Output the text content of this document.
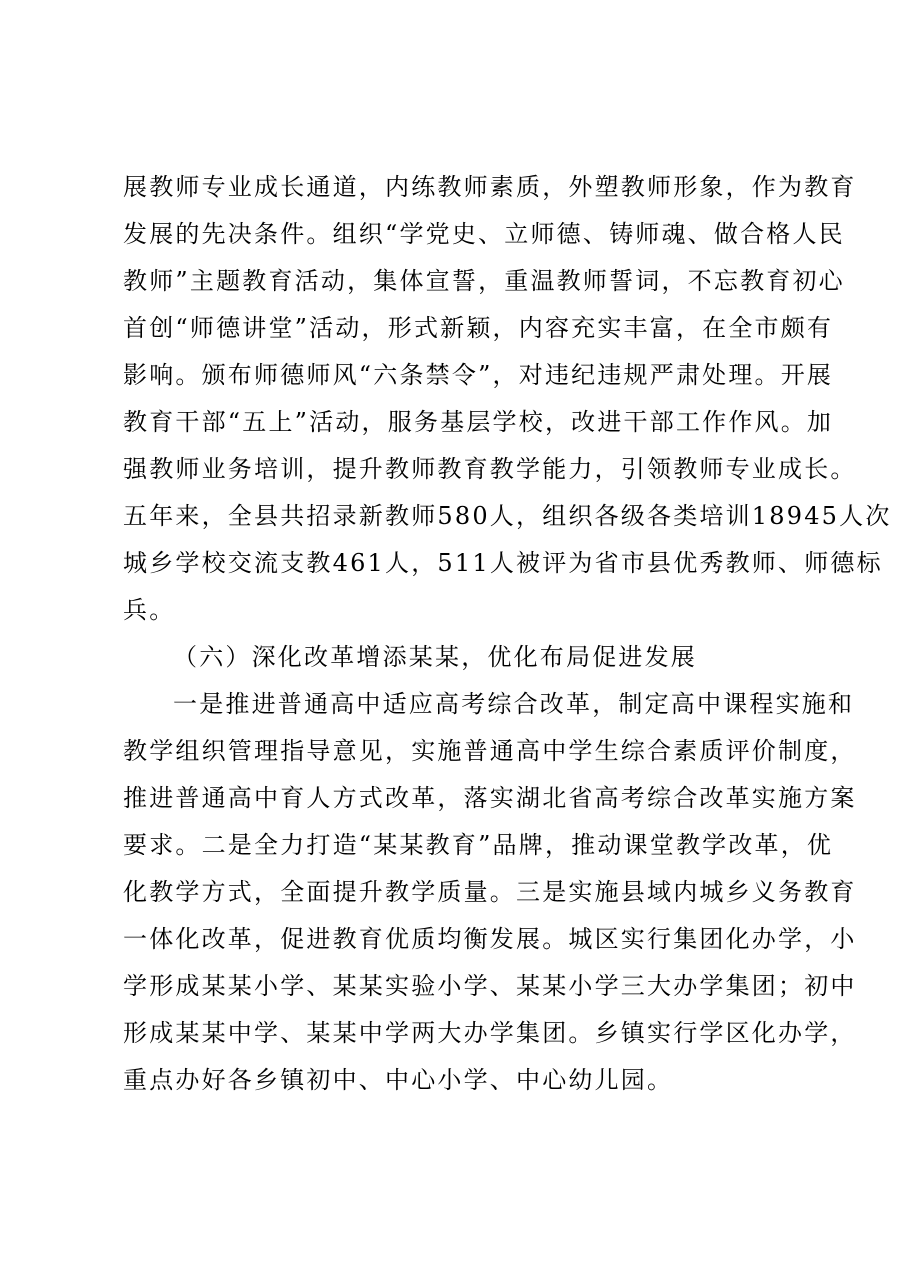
展教师专业成长通道，内练教师素质，外塑教师形象，作为教育
发展的先决条件。组织“学党史、立师德、铸师魂、做合格人民
教师”主题教育活动，集体宣誓，重温教师誓词，不忘教育初心
首创“师德讲堂”活动，形式新颖，内容充实丰富，在全市颇有
影响。颁布师德师风“六条禁令”，对违纪违规严肃处理。开展
教育干部“五上”活动，服务基层学校，改进干部工作作风。加
强教师业务培训，提升教师教育教学能力，引领教师专业成长。
五年来，全县共招录新教师580人，组织各级各类培训18945人次
城乡学校交流支教461人，511人被评为省市县优秀教师、师德标
兵。
（六）深化改革增添某某，优化布局促进发展
一是推进普通高中适应高考综合改革，制定高中课程实施和
教学组织管理指导意见，实施普通高中学生综合素质评价制度，
推进普通高中育人方式改革，落实湖北省高考综合改革实施方案
要求。二是全力打造“某某教育”品牌，推动课堂教学改革，优
化教学方式，全面提升教学质量。三是实施县域内城乡义务教育
一体化改革，促进教育优质均衡发展。城区实行集团化办学，小
学形成某某小学、某某实验小学、某某小学三大办学集团；初中
形成某某中学、某某中学两大办学集团。乡镇实行学区化办学，
重点办好各乡镇初中、中心小学、中心幼儿园。
